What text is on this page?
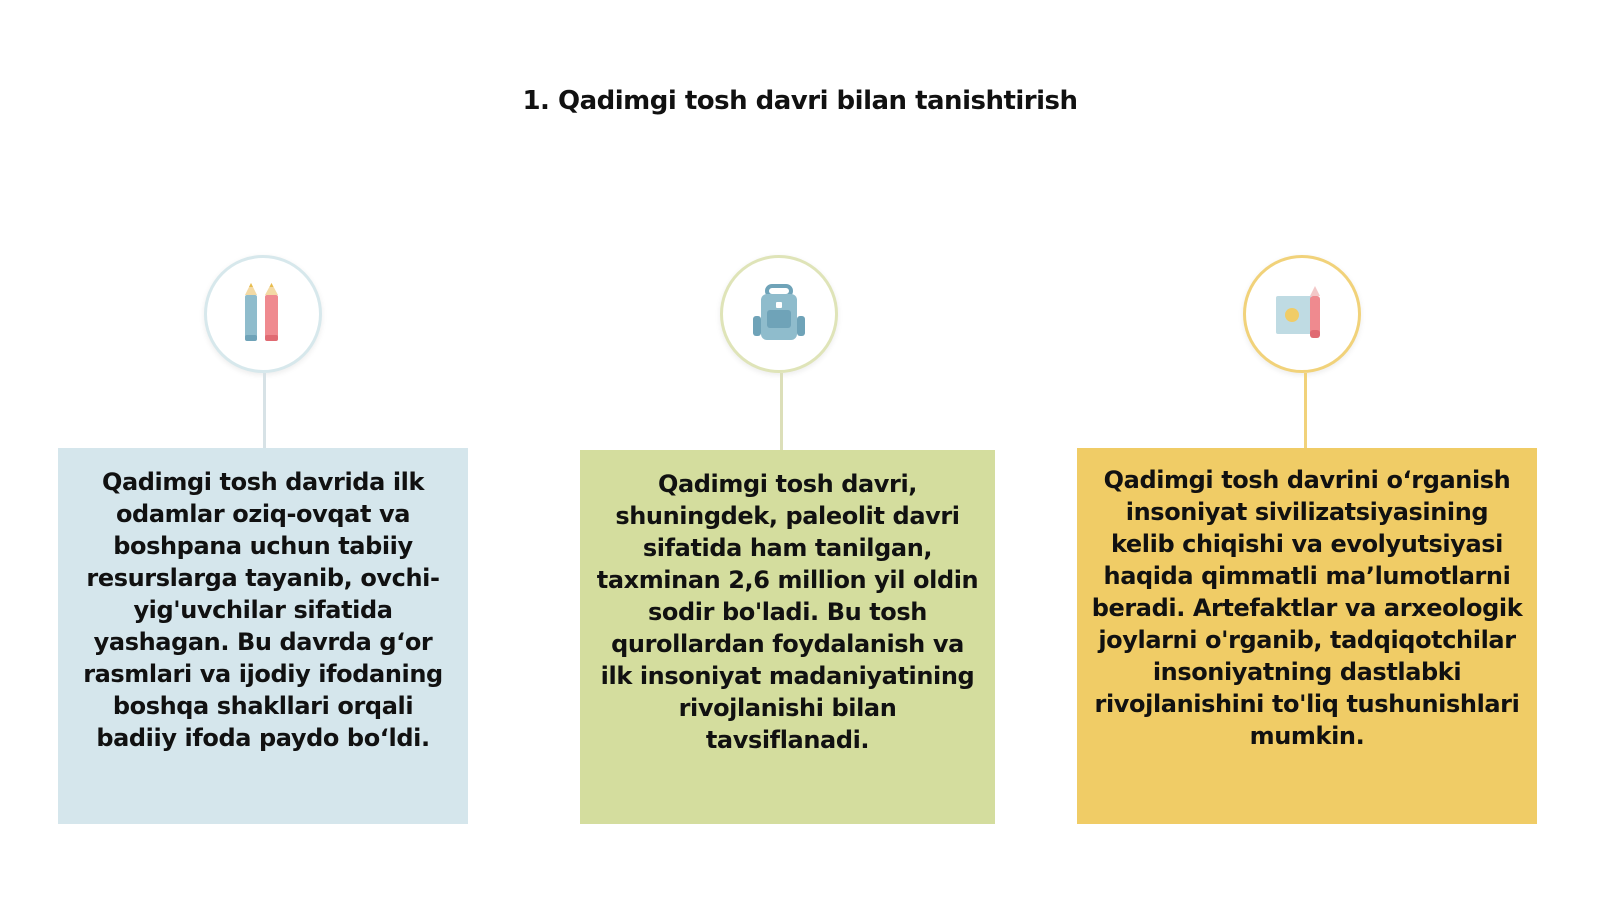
1. Qadimgi tosh davri bilan tanishtirish
Qadimgi tosh davrida ilk odamlar oziq-ovqat va boshpana uchun tabiiy resurslarga tayanib, ovchi-yig'uvchilar sifatida yashagan. Bu davrda g‘or rasmlari va ijodiy ifodaning boshqa shakllari orqali badiiy ifoda paydo bo‘ldi.
Qadimgi tosh davri, shuningdek, paleolit davri sifatida ham tanilgan, taxminan 2,6 million yil oldin sodir bo'ladi. Bu tosh qurollardan foydalanish va ilk insoniyat madaniyatining rivojlanishi bilan tavsiflanadi.
Qadimgi tosh davrini o‘rganish insoniyat sivilizatsiyasining kelib chiqishi va evolyutsiyasi haqida qimmatli ma’lumotlarni beradi. Artefaktlar va arxeologik joylarni o'rganib, tadqiqotchilar insoniyatning dastlabki rivojlanishini to'liq tushunishlari mumkin.
